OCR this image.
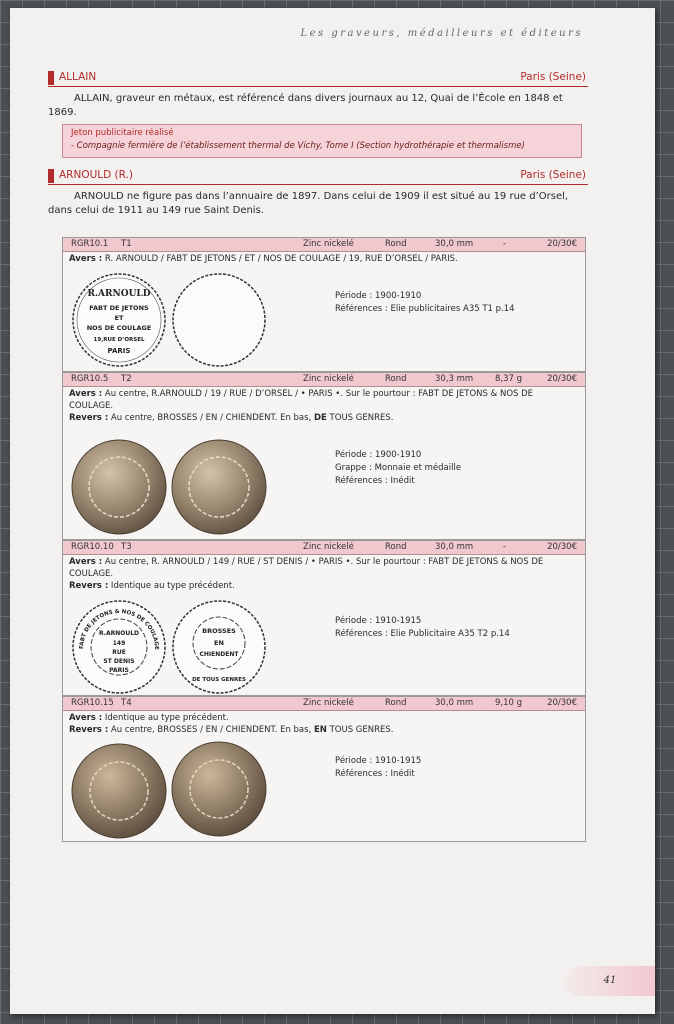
Les graveurs, médailleurs et éditeurs
ALLAIN	Paris (Seine)
ALLAIN, graveur en métaux, est référencé dans divers journaux au 12, Quai de l’École en 1848 et 1869.
Jeton publicitaire réalisé
- Compagnie fermière de l’établissement thermal de Vichy, Tome I (Section hydrothérapie et thermalisme)
ARNOULD (R.)	Paris (Seine)
ARNOULD ne figure pas dans l’annuaire de 1897. Dans celui de 1909 il est situé au 19 rue d’Orsel, dans celui de 1911 au 149 rue Saint Denis.
RGR10.1 T1	Zinc nickelé	Rond	30,0 mm	-	20/30€
Avers : R. ARNOULD / FABT DE JETONS / ET / NOS DE COULAGE / 19, RUE D’ORSEL / PARIS.
R.ARNOULD
FABT DE JETONS
ET
NOS DE COULAGE
19,RUE D’ORSEL
PARIS
Période : 1900-1910
Références : Elie publicitaires A35 T1 p.14
RGR10.5 T2	Zinc nickelé	Rond	30,3 mm	8,37 g	20/30€
Avers : Au centre, R.ARNOULD / 19 / RUE / D’ORSEL / • PARIS •. Sur le pourtour : FABT DE JETONS & NOS DE COULAGE.
Revers : Au centre, BROSSES / EN / CHIENDENT. En bas, DE TOUS GENRES.
Période : 1900-1910
Grappe : Monnaie et médaille
Références : Inédit
RGR10.10 T3	Zinc nickelé	Rond	30,0 mm	-	20/30€
Avers : Au centre, R. ARNOULD / 149 / RUE / ST DENIS / • PARIS •. Sur le pourtour : FABT DE JETONS & NOS DE COULAGE.
Revers : Identique au type précédent.
FABT DE JETONS & NOS DE COULAGE
R.ARNOULD
149
RUE
ST DENIS
PARIS
BROSSES
EN
CHIENDENT
DE TOUS GENRES
Période : 1910-1915
Références : Elie Publicitaire A35 T2 p.14
RGR10.15 T4	Zinc nickelé	Rond	30,0 mm	9,10 g	20/30€
Avers : Identique au type précédent.
Revers : Au centre, BROSSES / EN / CHIENDENT. En bas, EN TOUS GENRES.
Période : 1910-1915
Références : Inédit
41
